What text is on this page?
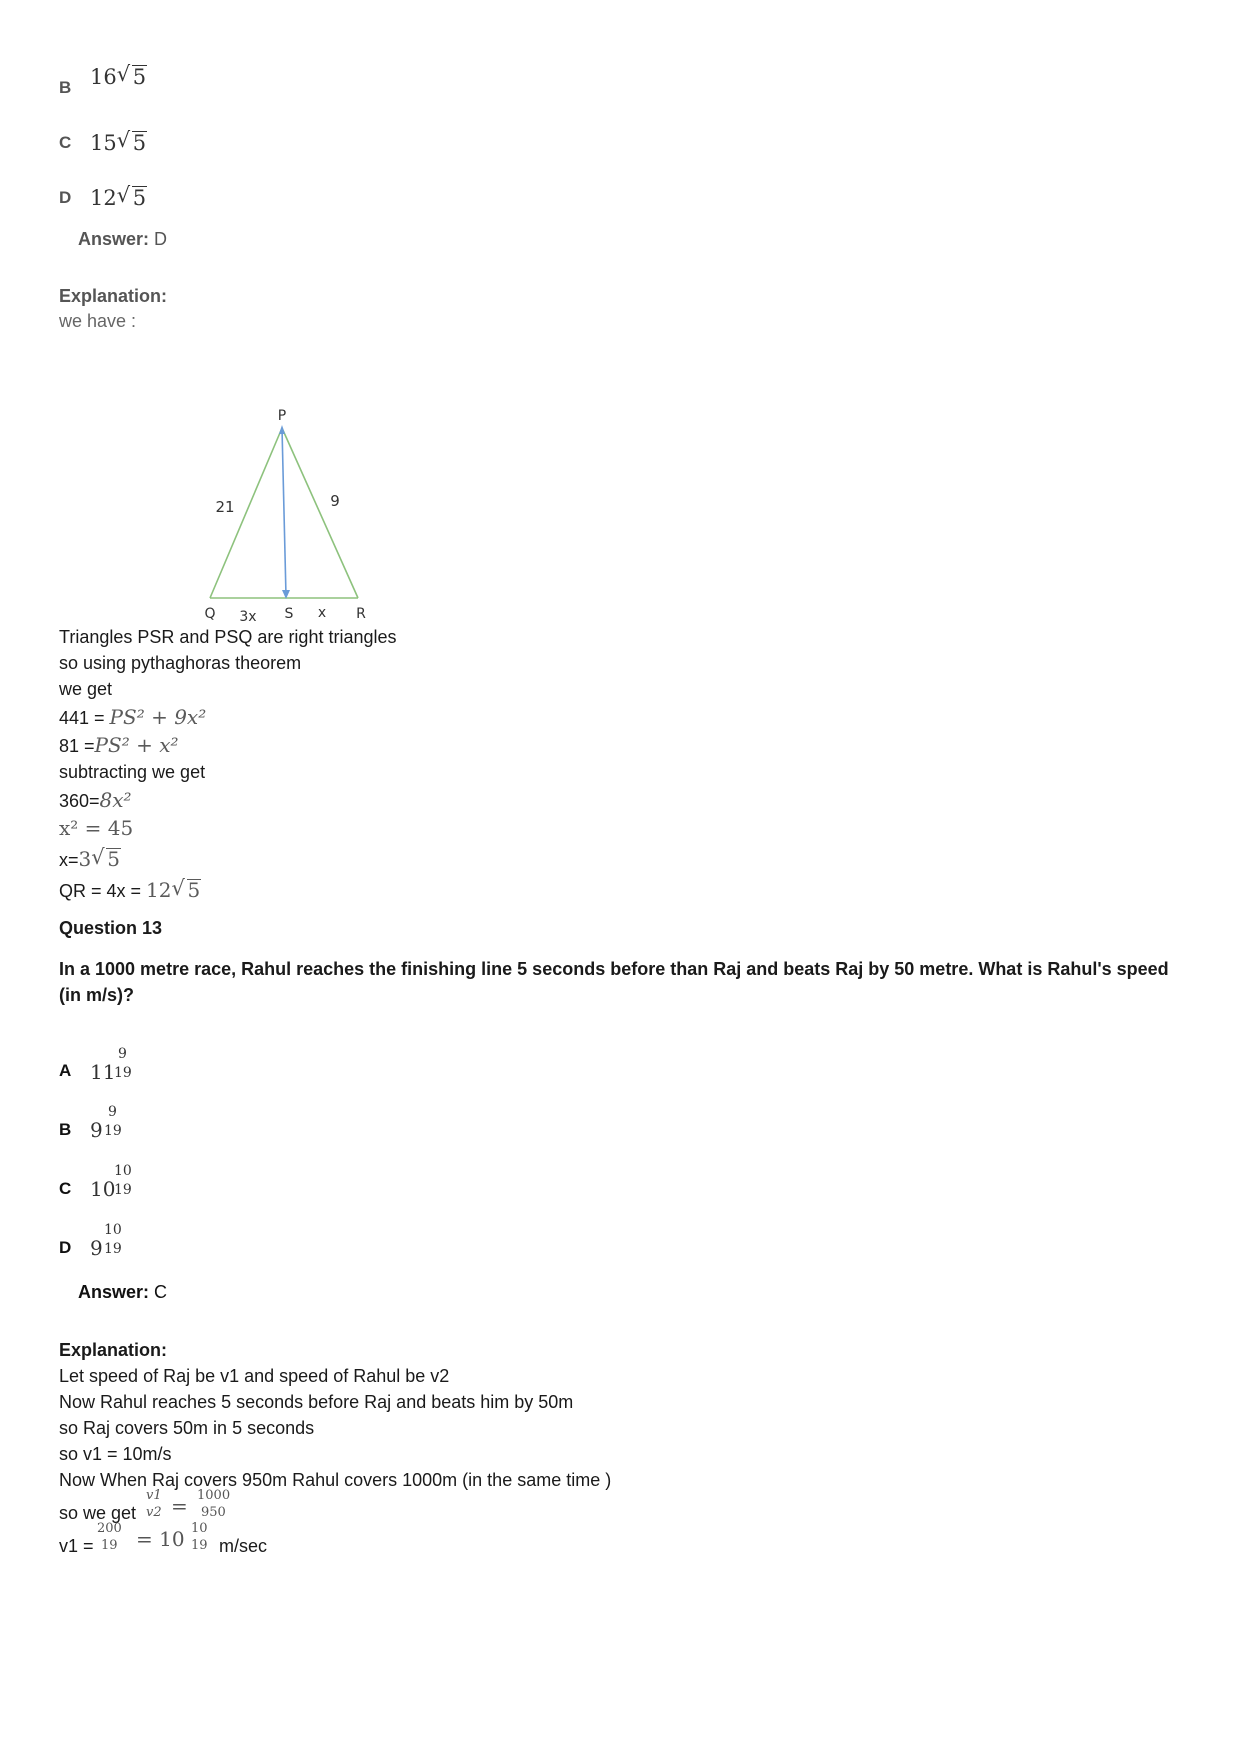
B 16 √ 5
C 15 √ 5
D 12 √ 5
Answer: D
Explanation:
we have :
P
Q	S	R
21	9
3x	x
Triangles PSR and PSQ are right triangles
so using pythaghoras theorem
we get
441 = PS² + 9x²
81 =PS² + x²
subtracting we get
360=8x²
x² = 45
x=3 √ 5
QR = 4x = 12 √ 5
Question 13
In a 1000 metre race, Rahul reaches the finishing line 5 seconds before than Raj and beats Raj by 50 metre. What is Rahul's speed (in m/s)?
A 11
9
19
B 9
9
19
C 10
10
19
D 9
10
19
Answer: C
Explanation:
Let speed of Raj be v1 and speed of Rahul be v2
Now Rahul reaches 5 seconds before Raj and beats him by 50m
so Raj covers 50m in 5 seconds
so v1 = 10m/s
Now When Raj covers 950m Rahul covers 1000m (in the same time )
so we get
v1
v2 = 1000
950
v1 =
200
19 = 10 10
19 m/sec
